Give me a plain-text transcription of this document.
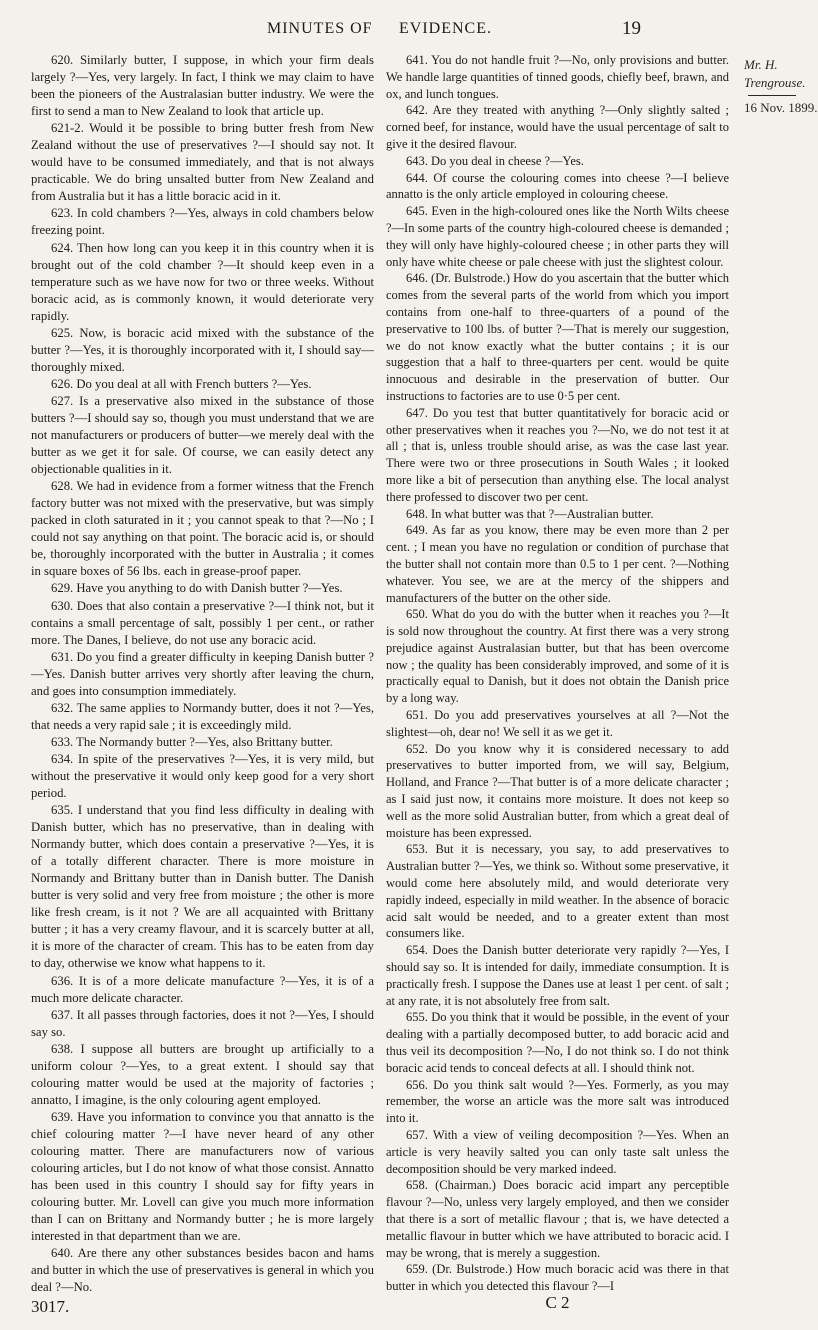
MINUTES OF EVIDENCE.	19

620. Similarly butter, I suppose, in which your firm deals largely ?—Yes, very largely. In fact, I think we may claim to have been the pioneers of the Australasian butter industry. We were the first to send a man to New Zealand to look that article up.

621-2. Would it be possible to bring butter fresh from New Zealand without the use of preservatives ?—I should say not. It would have to be consumed immediately, and that is not always practicable. We do bring unsalted butter from New Zealand and from Australia but it has a little boracic acid in it.

623. In cold chambers ?—Yes, always in cold chambers below freezing point.

624. Then how long can you keep it in this country when it is brought out of the cold chamber ?—It should keep even in a temperature such as we have now for two or three weeks. Without boracic acid, as is commonly known, it would deteriorate very rapidly.

625. Now, is boracic acid mixed with the substance of the butter ?—Yes, it is thoroughly incorporated with it, I should say—thoroughly mixed.

626. Do you deal at all with French butters ?—Yes.

627. Is a preservative also mixed in the substance of those butters ?—I should say so, though you must understand that we are not manufacturers or producers of butter—we merely deal with the butter as we get it for sale. Of course, we can easily detect any objectionable qualities in it.

628. We had in evidence from a former witness that the French factory butter was not mixed with the preservative, but was simply packed in cloth saturated in it ; you cannot speak to that ?—No ; I could not say anything on that point. The boracic acid is, or should be, thoroughly incorporated with the butter in Australia ; it comes in square boxes of 56 lbs. each in grease-proof paper.

629. Have you anything to do with Danish butter ?—Yes.

630. Does that also contain a preservative ?—I think not, but it contains a small percentage of salt, possibly 1 per cent., or rather more. The Danes, I believe, do not use any boracic acid.

631. Do you find a greater difficulty in keeping Danish butter ?—Yes. Danish butter arrives very shortly after leaving the churn, and goes into consumption immediately.

632. The same applies to Normandy butter, does it not ?—Yes, that needs a very rapid sale ; it is exceedingly mild.

633. The Normandy butter ?—Yes, also Brittany butter.

634. In spite of the preservatives ?—Yes, it is very mild, but without the preservative it would only keep good for a very short period.

635. I understand that you find less difficulty in dealing with Danish butter, which has no preservative, than in dealing with Normandy butter, which does contain a preservative ?—Yes, it is of a totally different character. There is more moisture in Normandy and Brittany butter than in Danish butter. The Danish butter is very solid and very free from moisture ; the other is more like fresh cream, is it not ? We are all acquainted with Brittany butter ; it has a very creamy flavour, and it is scarcely butter at all, it is more of the character of cream. This has to be eaten from day to day, otherwise we know what happens to it.

636. It is of a more delicate manufacture ?—Yes, it is of a much more delicate character.

637. It all passes through factories, does it not ?—Yes, I should say so.

638. I suppose all butters are brought up artificially to a uniform colour ?—Yes, to a great extent. I should say that colouring matter would be used at the majority of factories ; annatto, I imagine, is the only colouring agent employed.

639. Have you information to convince you that annatto is the chief colouring matter ?—I have never heard of any other colouring matter. There are manufacturers now of various colouring articles, but I do not know of what those consist. Annatto has been used in this country I should say for fifty years in colouring butter. Mr. Lovell can give you much more information than I can on Brittany and Normandy butter ; he is more largely interested in that department than we are.

640. Are there any other substances besides bacon and hams and butter in which the use of preservatives is general in which you deal ?—No.

3017.

641. You do not handle fruit ?—No, only provisions and butter. We handle large quantities of tinned goods, chiefly beef, brawn, and ox, and lunch tongues.

642. Are they treated with anything ?—Only slightly salted ; corned beef, for instance, would have the usual percentage of salt to give it the desired flavour.

643. Do you deal in cheese ?—Yes.

644. Of course the colouring comes into cheese ?—I believe annatto is the only article employed in colouring cheese.

645. Even in the high-coloured ones like the North Wilts cheese ?—In some parts of the country high-coloured cheese is demanded ; they will only have highly-coloured cheese ; in other parts they will only have white cheese or pale cheese with just the slightest colour.

646. (Dr. Bulstrode.) How do you ascertain that the butter which comes from the several parts of the world from which you import contains from one-half to three-quarters of a pound of the preservative to 100 lbs. of butter ?—That is merely our suggestion, we do not know exactly what the butter contains ; it is our suggestion that a half to three-quarters per cent. would be quite innocuous and desirable in the preservation of butter. Our instructions to factories are to use 0·5 per cent.

647. Do you test that butter quantitatively for boracic acid or other preservatives when it reaches you ?—No, we do not test it at all ; that is, unless trouble should arise, as was the case last year. There were two or three prosecutions in South Wales ; it looked more like a bit of persecution than anything else. The local analyst there professed to discover two per cent.

648. In what butter was that ?—Australian butter.

649. As far as you know, there may be even more than 2 per cent. ; I mean you have no regulation or condition of purchase that the butter shall not contain more than 0.5 to 1 per cent. ?—Nothing whatever. You see, we are at the mercy of the shippers and manufacturers of the butter on the other side.

650. What do you do with the butter when it reaches you ?—It is sold now throughout the country. At first there was a very strong prejudice against Australasian butter, but that has been overcome now ; the quality has been considerably improved, and some of it is practically equal to Danish, but it does not obtain the Danish price by a long way.

651. Do you add preservatives yourselves at all ?—Not the slightest—oh, dear no! We sell it as we get it.

652. Do you know why it is considered necessary to add preservatives to butter imported from, we will say, Belgium, Holland, and France ?—That butter is of a more delicate character ; as I said just now, it contains more moisture. It does not keep so well as the more solid Australian butter, from which a great deal of moisture has been expressed.

653. But it is necessary, you say, to add preservatives to Australian butter ?—Yes, we think so. Without some preservative, it would come here absolutely mild, and would deteriorate very rapidly indeed, especially in mild weather. In the absence of boracic acid salt would be needed, and to a greater extent than most consumers like.

654. Does the Danish butter deteriorate very rapidly ?—Yes, I should say so. It is intended for daily, immediate consumption. It is practically fresh. I suppose the Danes use at least 1 per cent. of salt ; at any rate, it is not absolutely free from salt.

655. Do you think that it would be possible, in the event of your dealing with a partially decomposed butter, to add boracic acid and thus veil its decomposition ?—No, I do not think so. I do not think boracic acid tends to conceal defects at all. I should think not.

656. Do you think salt would ?—Yes. Formerly, as you may remember, the worse an article was the more salt was introduced into it.

657. With a view of veiling decomposition ?—Yes. When an article is very heavily salted you can only taste salt unless the decomposition should be very marked indeed.

658. (Chairman.) Does boracic acid impart any perceptible flavour ?—No, unless very largely employed, and then we consider that there is a sort of metallic flavour ; that is, we have detected a metallic flavour in butter which we have attributed to boracic acid. I may be wrong, that is merely a suggestion.

659. (Dr. Bulstrode.) How much boracic acid was there in that butter in which you detected this flavour ?—I

C 2

Mr. H.
Trengrouse.
16 Nov. 1899.
